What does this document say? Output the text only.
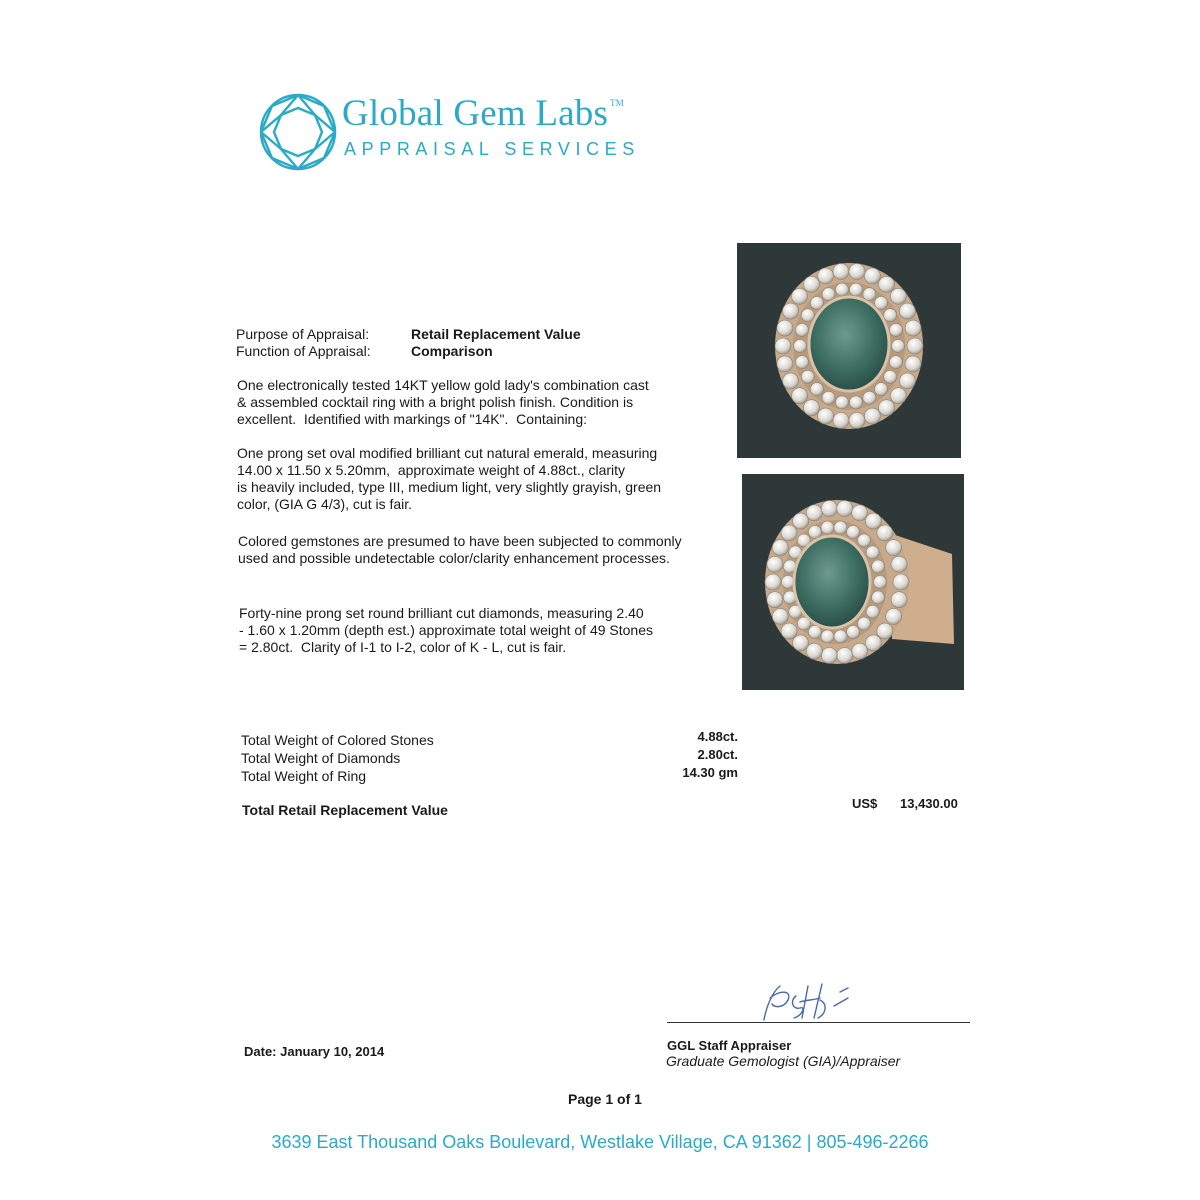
Global Gem Labs ™
APPRAISAL SERVICES
Purpose of Appraisal:	Retail Replacement Value
Function of Appraisal:	Comparison
One electronically tested 14KT yellow gold lady's combination cast
& assembled cocktail ring with a bright polish finish. Condition is
excellent.  Identified with markings of "14K".  Containing:
One prong set oval modified brilliant cut natural emerald, measuring
14.00 x 11.50 x 5.20mm,  approximate weight of 4.88ct., clarity
is heavily included, type III, medium light, very slightly grayish, green
color, (GIA G 4/3), cut is fair.
Colored gemstones are presumed to have been subjected to commonly
used and possible undetectable color/clarity enhancement processes.
Forty-nine prong set round brilliant cut diamonds, measuring 2.40
- 1.60 x 1.20mm (depth est.) approximate total weight of 49 Stones
= 2.80ct.  Clarity of I-1 to I-2, color of K - L, cut is fair.
Total Weight of Colored Stones	4.88ct.
Total Weight of Diamonds	2.80ct.
Total Weight of Ring	14.30 gm
Total Retail Replacement Value	US$ 13,430.00
GGL Staff Appraiser
Graduate Gemologist (GIA)/Appraiser
Date: January 10, 2014
Page 1 of 1
3639 East Thousand Oaks Boulevard, Westlake Village, CA 91362 | 805-496-2266
